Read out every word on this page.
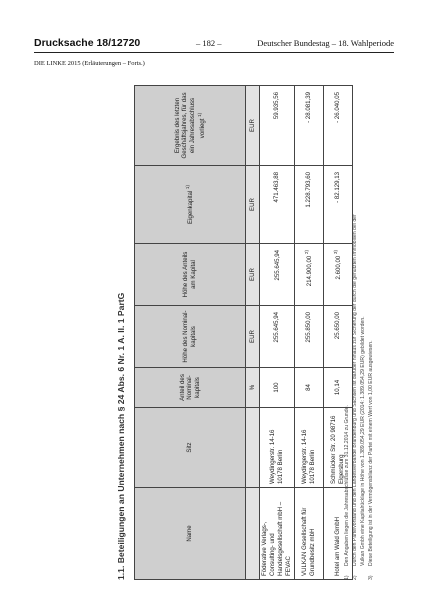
Drucksache 18/12720	– 182 –	Deutscher Bundestag – 18. Wahlperiode
DIE LINKE 2015 (Erläuterungen – Forts.)
1.1. Beteiligungen an Unternehmen nach § 24 Abs. 6 Nr. 1 A. II. 1 PartG	Name	Sitz	Anteil des Nominal-kapitals	Höhe des Nominal-kapitals	Höhe des Anteils am Kapital	Eigenkapital $^{1)}$	Ergebnis des letzten Geschäftsjahres, für das ein Jahresabschluss vorliegt $^{1)}$
		%	EUR	EUR	EUR	EUR
Föderative Verlags-, Consulting- und Handelsgesellschaft mbH – FEVAC	Weydingerstr. 14-16 10178 Berlin	100	255.645,94	255.645,94	471.463,88	59.935,56
VULKAN Gesellschaft für Grundbesitz mbH	Weydingerstr. 14-16 10178 Berlin	84	255.850,00	214.900,00 $^{2)}$	1.228.793,60	- 28.081,39
Hotel am Wald GmbH	Schmücker Str. 20 98716 Elgersburg	10,14	25.650,00	2.600,00 $^{3)}$	- 82.129,13	- 26.040,05
1)
Den Angaben liegen die Jahresabschlüsse zum 31.12.2014 zu Grunde.
2)
Durch den Parteivorstand und den Landesverbände Brandenburg und Sachsen ist darüber hinaus zur Sicherung der durch die genutzten Immobilien bei der Vulkan Gmbh eine Kapitalrücklage in Höhe von 1.389.054,29 EUR (2014: 1.389.054,29 EUR) gebildet worden.
3)
Diese Beteiligung ist in der Vermögensbilanz der Partei mit einem Wert von 1,00 EUR ausgewiesen.
